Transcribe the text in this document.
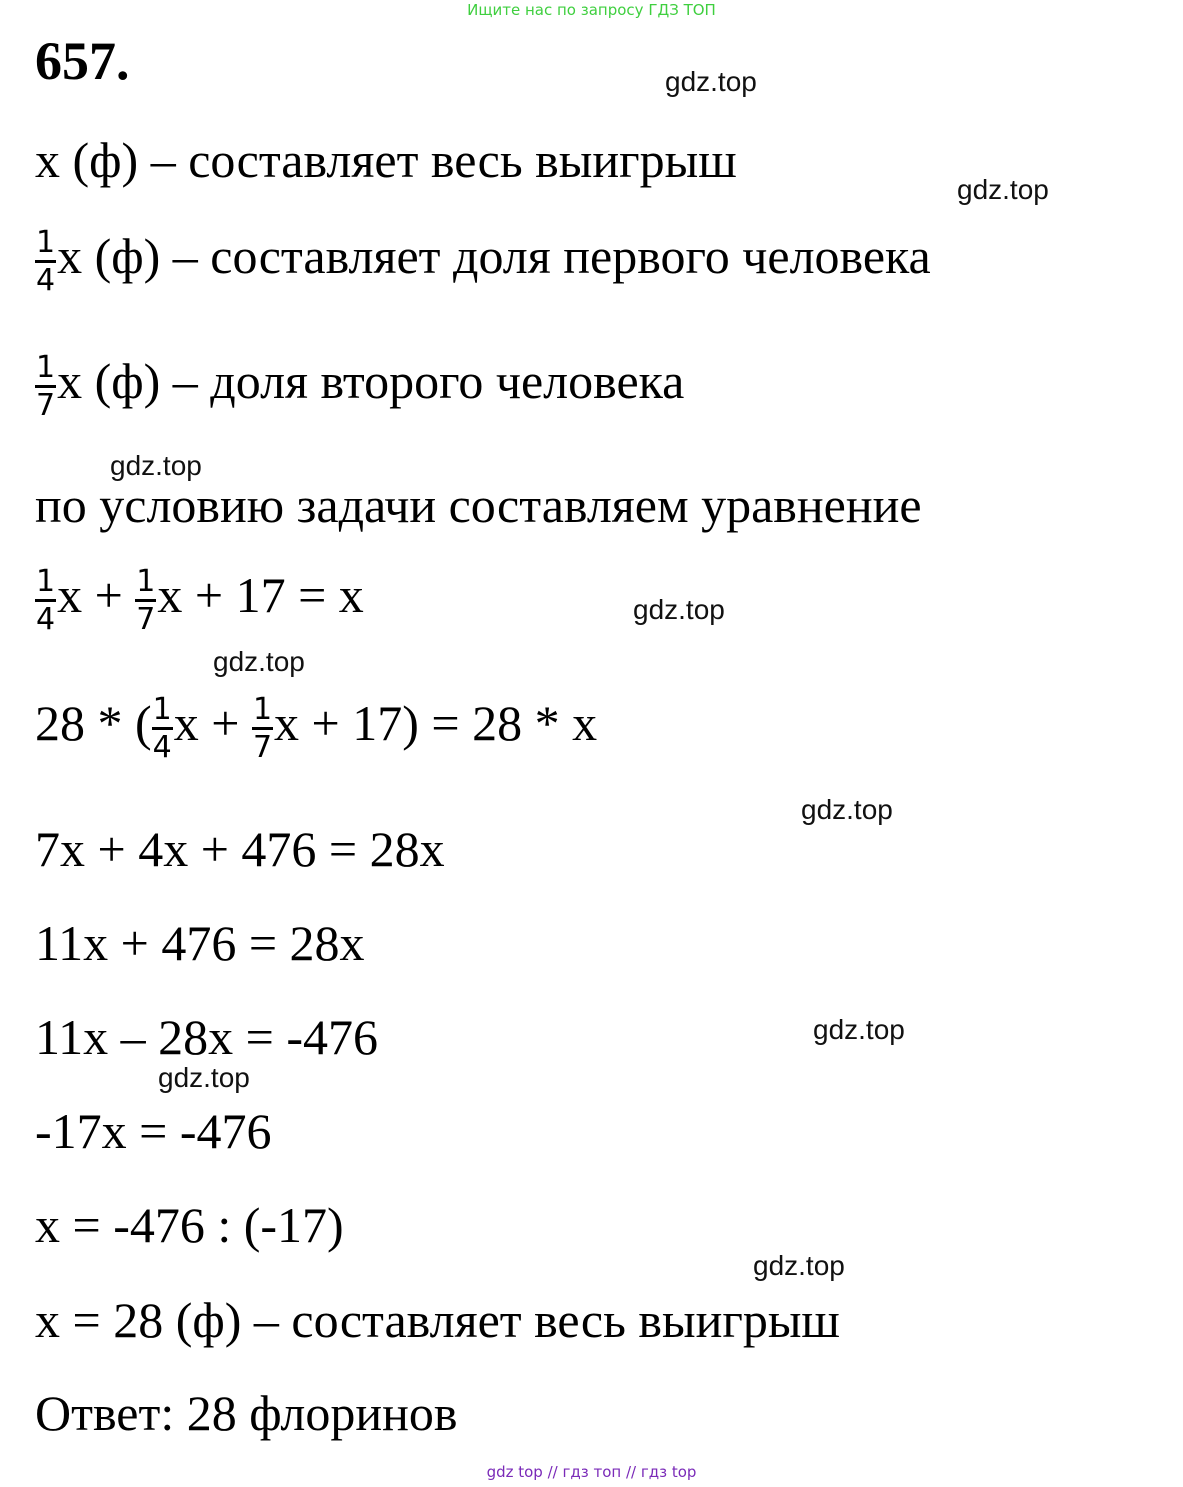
Ищите нас по запросу ГДЗ ТОП
657.	gdz.top
gdz.top
gdz.top
gdz.top
gdz.top
gdz.top
gdz.top
gdz.top
gdz.top
x (ф) – составляет весь выигрыш
$\frac{1}{4}$ x (ф) – составляет доля первого человека
$\frac{1}{7}$ x (ф) – доля второго человека
по условию задачи составляем уравнение
$\frac{1}{4}$ $x + \frac{1}{7}$ x + 17 = x
28 * ( $\frac{1}{4}$ $x + \frac{1}{7}$ x + 17) = 28 * x
7x + 4x + 476 = 28x
11x + 476 = 28x
11x – 28x = -476
-17x = -476
x = -476 : (-17)
x = 28 (ф) – составляет весь выигрыш
Ответ: 28 флоринов
gdz top // гдз топ // гдз top
